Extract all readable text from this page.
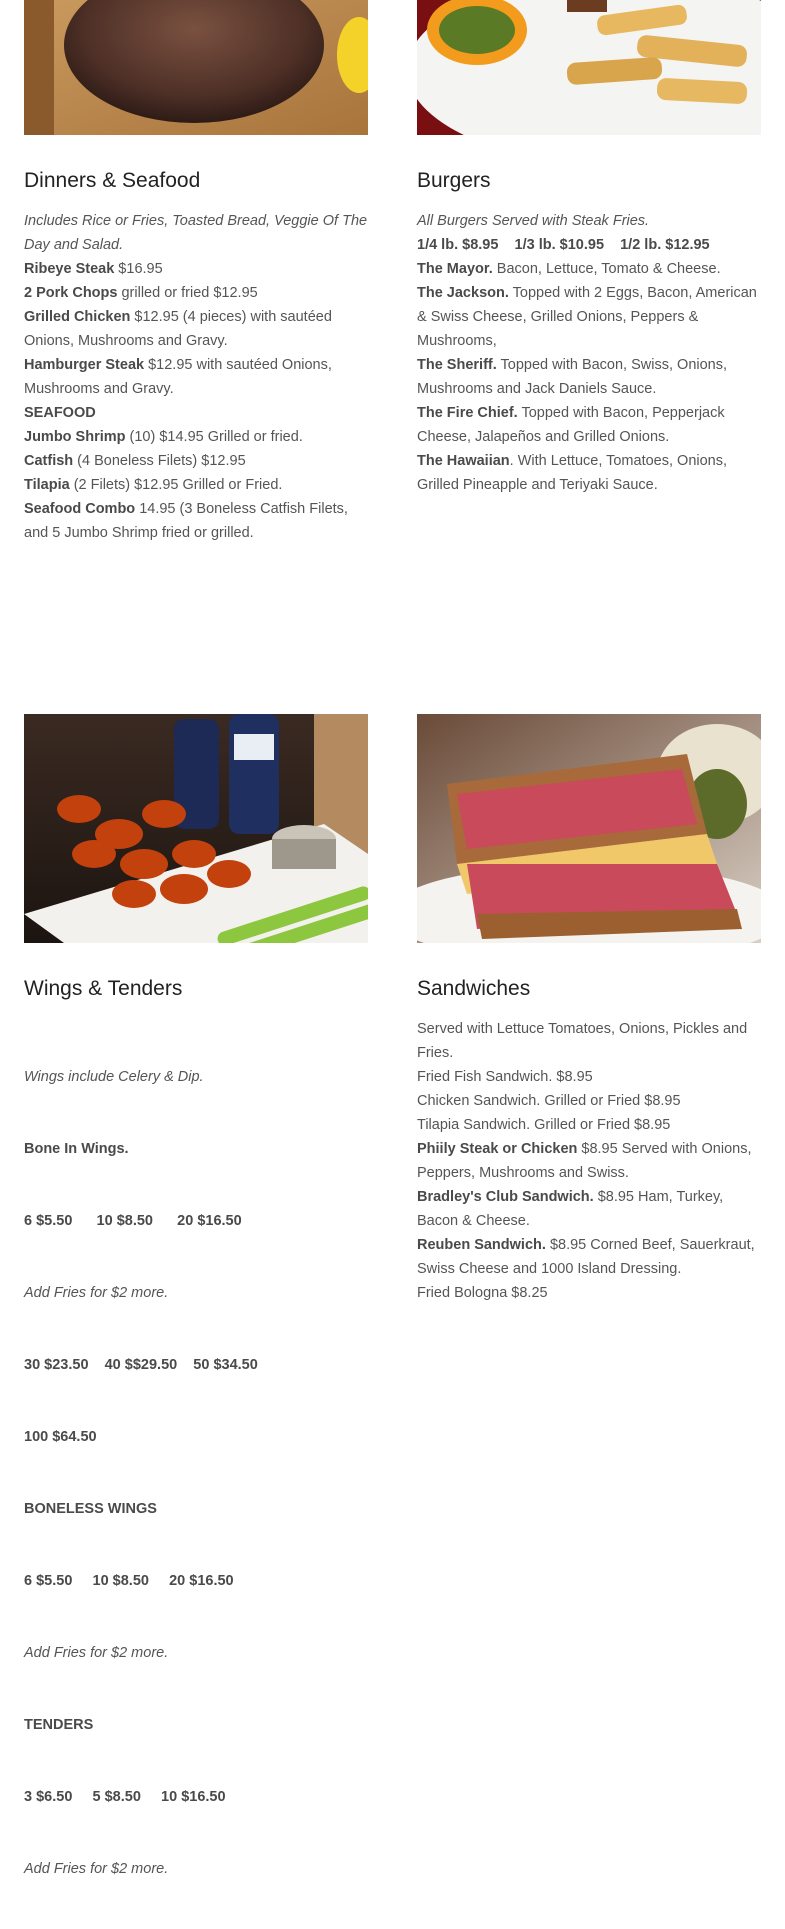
Dinners & Seafood

Includes Rice or Fries, Toasted Bread, Veggie Of The Day and Salad.

Ribeye Steak $16.95

2 Pork Chops grilled or fried $12.95

Grilled Chicken $12.95 (4 pieces) with sautéed Onions, Mushrooms and Gravy.

Hamburger Steak $12.95 with sautéed Onions, Mushrooms and Gravy.

SEAFOOD

Jumbo Shrimp (10) $14.95 Grilled or fried.

Catfish (4 Boneless Filets) $12.95

Tilapia (2 Filets) $12.95 Grilled or Fried.

Seafood Combo 14.95 (3 Boneless Catfish Filets, and 5 Jumbo Shrimp fried or grilled.

Burgers

All Burgers Served with Steak Fries.

1/4 lb. $8.95    1/3 lb. $10.95    1/2 lb. $12.95

The Mayor. Bacon, Lettuce, Tomato & Cheese.

The Jackson. Topped with 2 Eggs, Bacon, American & Swiss Cheese, Grilled Onions, Peppers & Mushrooms,

The Sheriff. Topped with Bacon, Swiss, Onions, Mushrooms and Jack Daniels Sauce.

The Fire Chief. Topped with Bacon, Pepperjack Cheese, Jalapeños and Grilled Onions.

The Hawaiian. With Lettuce, Tomatoes, Onions, Grilled Pineapple and Teriyaki Sauce.

Wings & Tenders

Wings include Celery & Dip.

Bone In Wings.

6 $5.50      10 $8.50      20 $16.50

Add Fries for $2 more.

30 $23.50    40 $$29.50    50 $34.50

100 $64.50

BONELESS WINGS

6 $5.50     10 $8.50     20 $16.50

Add Fries for $2 more.

TENDERS

3 $6.50     5 $8.50     10 $16.50

Add Fries for $2 more.

Sandwiches

Served with Lettuce Tomatoes, Onions, Pickles and Fries.

Fried Fish Sandwich. $8.95

Chicken Sandwich. Grilled or Fried $8.95

Tilapia Sandwich. Grilled or Fried $8.95

Phiily Steak or Chicken $8.95 Served with Onions, Peppers, Mushrooms and Swiss.

Bradley's Club Sandwich. $8.95 Ham, Turkey, Bacon & Cheese.

Reuben Sandwich. $8.95 Corned Beef, Sauerkraut, Swiss Cheese and 1000 Island Dressing.

Fried Bologna $8.25
